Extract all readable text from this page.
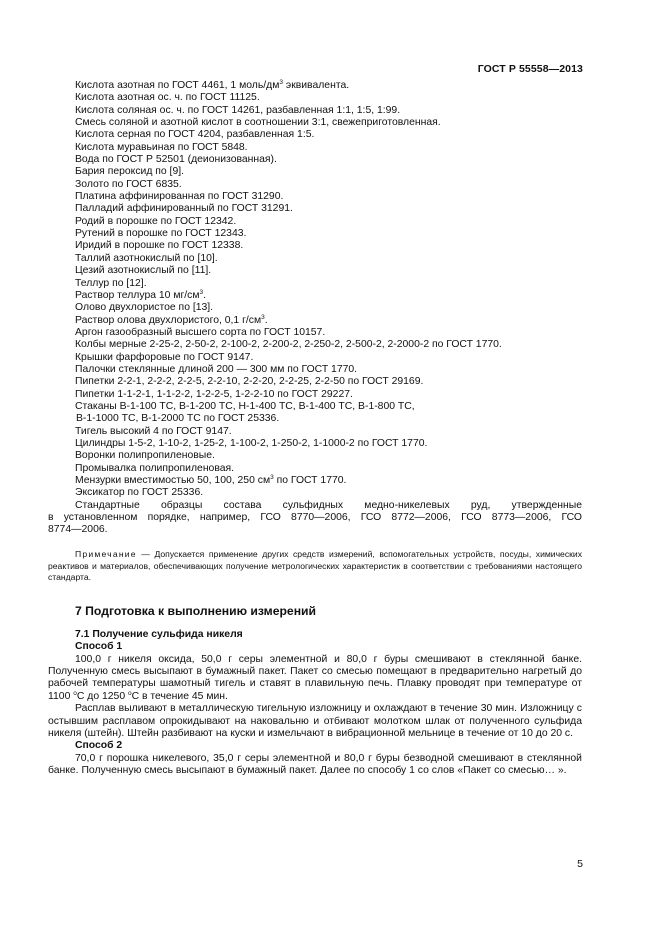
ГОСТ Р 55558—2013
Кислота азотная по ГОСТ 4461, 1 моль/$дм^3$ эквивалента.
Кислота азотная ос. ч. по ГОСТ 11125.
Кислота соляная ос. ч. по ГОСТ 14261, разбавленная 1:1, 1:5, 1:99.
Смесь соляной и азотной кислот в соотношении 3:1, свежеприготовленная.
Кислота серная по ГОСТ 4204, разбавленная 1:5.
Кислота муравьиная по ГОСТ 5848.
Вода по ГОСТ Р 52501 (деионизованная).
Бария пероксид по [9].
Золото по ГОСТ 6835.
Платина аффинированная по ГОСТ 31290.
Палладий аффинированный по ГОСТ 31291.
Родий в порошке по ГОСТ 12342.
Рутений в порошке по ГОСТ 12343.
Иридий в порошке по ГОСТ 12338.
Таллий азотнокислый по [10].
Цезий азотнокислый по [11].
Теллур по [12].
Раствор теллура 10 $мг/см^3$.
Олово двухлористое по [13].
Раствор олова двухлористого, 0,1 $г/см^3$.
Аргон газообразный высшего сорта по ГОСТ 10157.
Колбы мерные 2-25-2, 2-50-2, 2-100-2, 2-200-2, 2-250-2, 2-500-2, 2-2000-2 по ГОСТ 1770.
Крышки фарфоровые по ГОСТ 9147.
Палочки стеклянные длиной 200 — 300 мм по ГОСТ 1770.
Пипетки 2-2-1, 2-2-2, 2-2-5, 2-2-10, 2-2-20, 2-2-25, 2-2-50 по ГОСТ 29169.
Пипетки 1-1-2-1, 1-1-2-2, 1-2-2-5, 1-2-2-10 по ГОСТ 29227.
Стаканы В-1-100 ТС, В-1-200 ТС, Н-1-400 ТС, В-1-400 ТС, В-1-800 ТС,
В-1-1000 ТС, В-1-2000 ТС по ГОСТ 25336.
Тигель высокий 4 по ГОСТ 9147.
Цилиндры 1-5-2, 1-10-2, 1-25-2, 1-100-2, 1-250-2, 1-1000-2 по ГОСТ 1770.
Воронки полипропиленовые.
Промывалка полипропиленовая.
Мензурки вместимостью 50, 100, 250 $см^3$ по ГОСТ 1770.
Эксикатор по ГОСТ 25336.
Стандартные образцы состава сульфидных медно-никелевых руд, утвержденные
в установленном порядке, например, ГСО 8770—2006, ГСО 8772—2006, ГСО 8773—2006, ГСО
8774—2006.
Примечание — Допускается применение других средств измерений, вспомогательных устройств, посуды, химических реактивов и материалов, обеспечивающих получение метрологических характеристик в соответствии с требованиями настоящего стандарта.
7 Подготовка к выполнению измерений
7.1 Получение сульфида никеля
Способ 1
100,0 г никеля оксида, 50,0 г серы элементной и 80,0 г буры смешивают в стеклянной банке. Полученную смесь высыпают в бумажный пакет. Пакет со смесью помещают в предварительно нагретый до рабочей температуры шамотный тигель и ставят в плавильную печь. Плавку проводят при температуре от 1100 $^о$С до 1250 $^о$С в течение 45 мин.
Расплав выливают в металлическую тигельную изложницу и охлаждают в течение 30 мин. Изложницу с остывшим расплавом опрокидывают на наковальню и отбивают молотком шлак от полученного сульфида никеля (штейн). Штейн разбивают на куски и измельчают в вибрационной мельнице в течение от 10 до 20 с.
Способ 2
70,0 г порошка никелевого, 35,0 г серы элементной и 80,0 г буры безводной смешивают в стеклянной банке. Полученную смесь высыпают в бумажный пакет. Далее по способу 1 со слов «Пакет со смесью… ».
5
